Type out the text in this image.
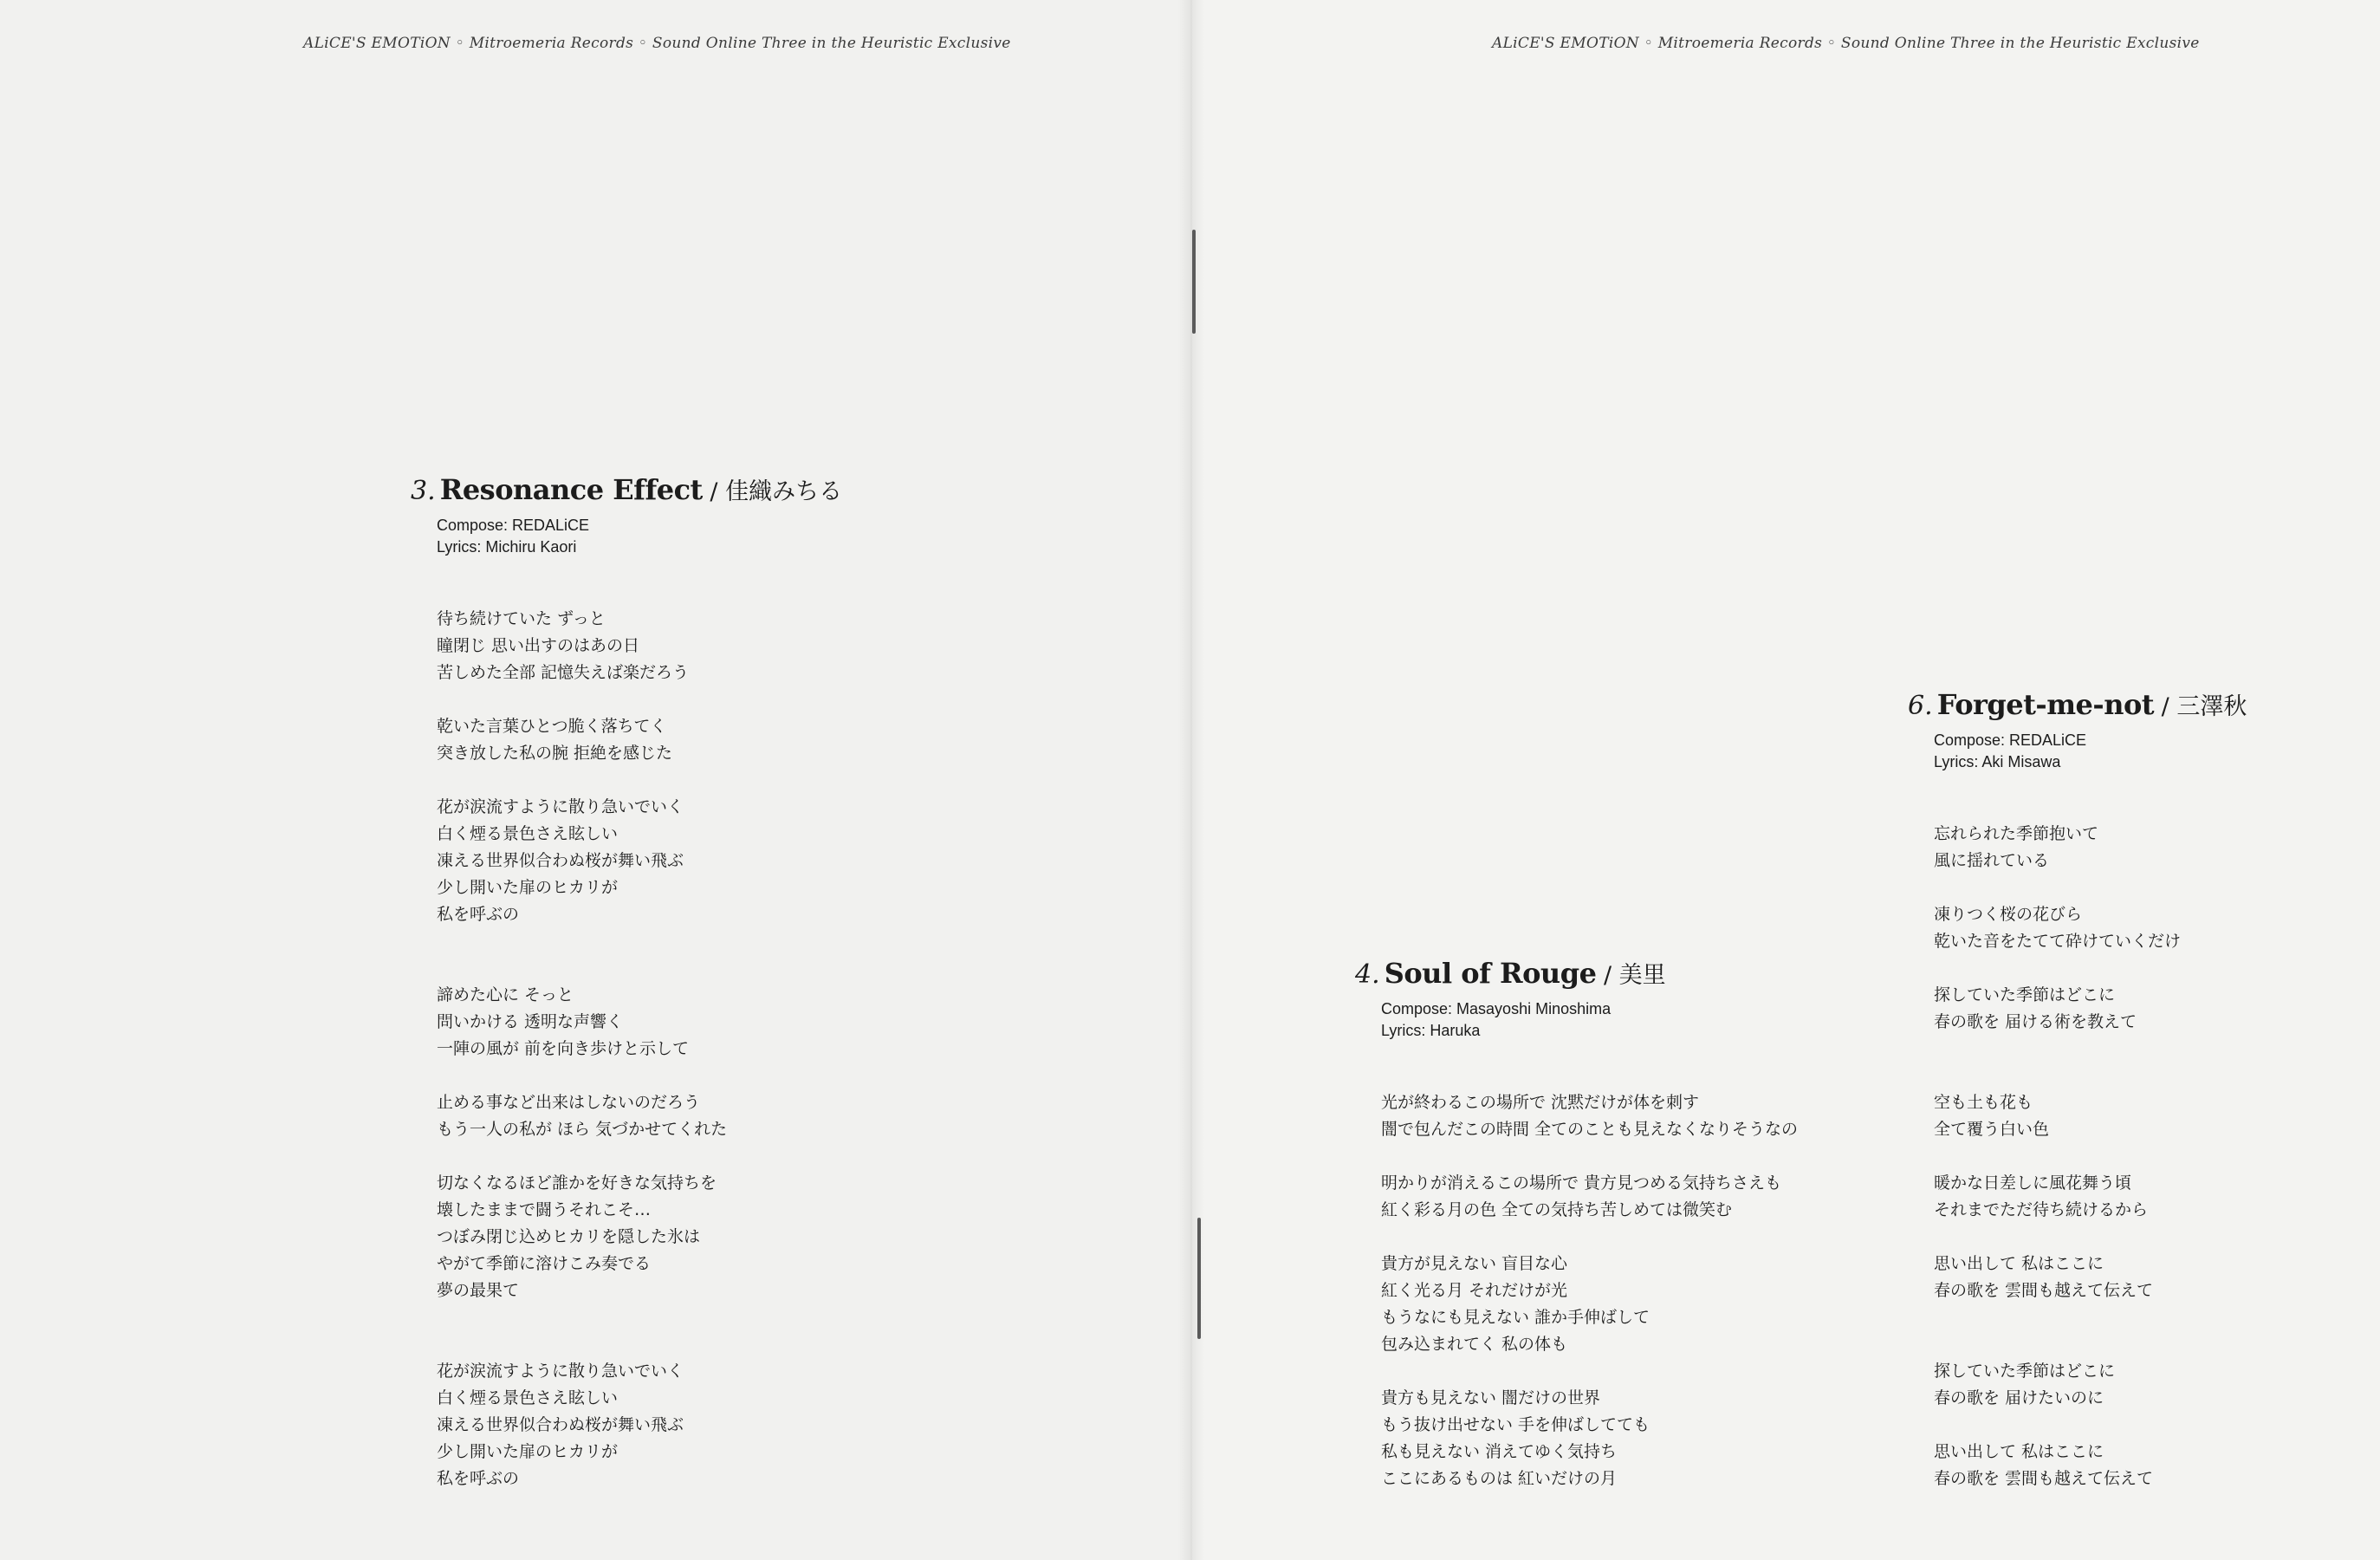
ALiCE'S EMOTiON ◦ Mitroemeria Records ◦ Sound Online Three in the Heuristic Exclusive	ALiCE'S EMOTiON ◦ Mitroemeria Records ◦ Sound Online Three in the Heuristic Exclusive
3. Resonance Effect / 佳織みちる
Compose: REDALiCE
Lyrics: Michiru Kaori
待ち続けていた ずっと
瞳閉じ 思い出すのはあの日
苦しめた全部 記憶失えば楽だろう
乾いた言葉ひとつ脆く落ちてく
突き放した私の腕 拒絶を感じた
花が涙流すように散り急いでいく
白く煙る景色さえ眩しい
凍える世界似合わぬ桜が舞い飛ぶ
少し開いた扉のヒカリが
私を呼ぶの
諦めた心に そっと
問いかける 透明な声響く
一陣の風が 前を向き歩けと示して
止める事など出来はしないのだろう
もう一人の私が ほら 気づかせてくれた
切なくなるほど誰かを好きな気持ちを
壊したままで闘うそれこそ…
つぼみ閉じ込めヒカリを隠した氷は
やがて季節に溶けこみ奏でる
夢の最果て
花が涙流すように散り急いでいく
白く煙る景色さえ眩しい
凍える世界似合わぬ桜が舞い飛ぶ
少し開いた扉のヒカリが
私を呼ぶの
4. Soul of Rouge / 美里
Compose: Masayoshi Minoshima
Lyrics: Haruka
光が終わるこの場所で 沈黙だけが体を刺す
闇で包んだこの時間 全てのことも見えなくなりそうなの
明かりが消えるこの場所で 貴方見つめる気持ちさえも
紅く彩る月の色 全ての気持ち苦しめては微笑む
貴方が見えない 盲目な心
紅く光る月 それだけが光
もうなにも見えない 誰か手伸ばして
包み込まれてく 私の体も
貴方も見えない 闇だけの世界
もう抜け出せない 手を伸ばしてても
私も見えない 消えてゆく気持ち
ここにあるものは 紅いだけの月
6. Forget-me-not / 三澤秋
Compose: REDALiCE
Lyrics: Aki Misawa
忘れられた季節抱いて
風に揺れている
凍りつく桜の花びら
乾いた音をたてて砕けていくだけ
探していた季節はどこに
春の歌を 届ける術を教えて
空も土も花も
全て覆う白い色
暖かな日差しに風花舞う頃
それまでただ待ち続けるから
思い出して 私はここに
春の歌を 雲間も越えて伝えて
探していた季節はどこに
春の歌を 届けたいのに
思い出して 私はここに
春の歌を 雲間も越えて伝えて
